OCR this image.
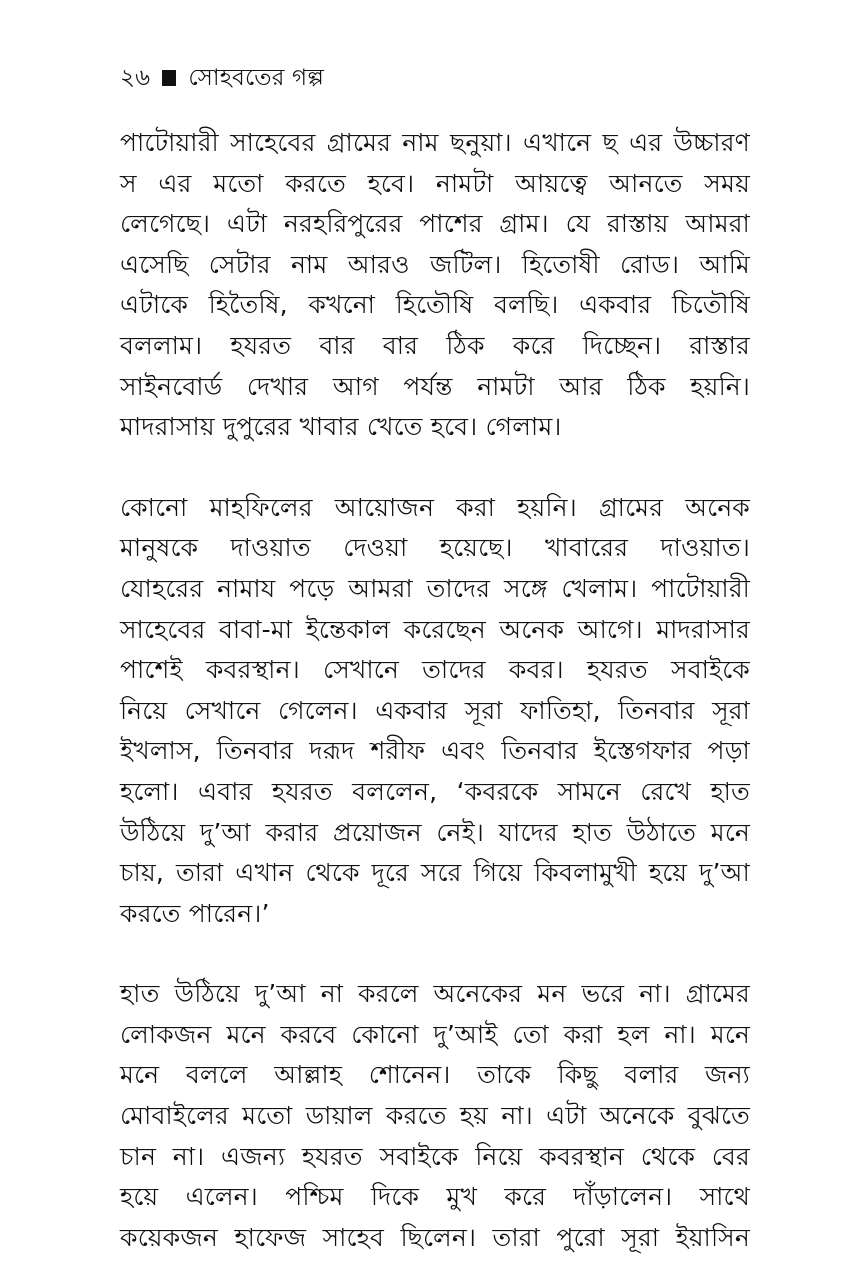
২৬ সোহবতের গল্প

পাটোয়ারী সাহেবের গ্রামের নাম ছনুয়া। এখানে ছ এর উচ্চারণ
স এর মতো করতে হবে। নামটা আয়ত্বে আনতে সময়
লেগেছে। এটা নরহরিপুরের পাশের গ্রাম। যে রাস্তায় আমরা
এসেছি সেটার নাম আরও জটিল। হিতোষী রোড। আমি
এটাকে হিতৈষি, কখনো হিতৌষি বলছি। একবার চিতৌষি
বললাম। হযরত বার বার ঠিক করে দিচ্ছেন। রাস্তার
সাইনবোর্ড দেখার আগ পর্যন্ত নামটা আর ঠিক হয়নি।
মাদরাসায় দুপুরের খাবার খেতে হবে। গেলাম।

কোনো মাহফিলের আয়োজন করা হয়নি। গ্রামের অনেক
মানুষকে দাওয়াত দেওয়া হয়েছে। খাবারের দাওয়াত।
যোহরের নামায পড়ে আমরা তাদের সঙ্গে খেলাম। পাটোয়ারী
সাহেবের বাবা-মা ইন্তেকাল করেছেন অনেক আগে। মাদরাসার
পাশেই কবরস্থান। সেখানে তাদের কবর। হযরত সবাইকে
নিয়ে সেখানে গেলেন। একবার সূরা ফাতিহা, তিনবার সূরা
ইখলাস, তিনবার দরূদ শরীফ এবং তিনবার ইস্তেগফার পড়া
হলো। এবার হযরত বললেন, ‘কবরকে সামনে রেখে হাত
উঠিয়ে দু’আ করার প্রয়োজন নেই। যাদের হাত উঠাতে মনে
চায়, তারা এখান থেকে দূরে সরে গিয়ে কিবলামুখী হয়ে দু’আ
করতে পারেন।’

হাত উঠিয়ে দু’আ না করলে অনেকের মন ভরে না। গ্রামের
লোকজন মনে করবে কোনো দু’আই তো করা হল না। মনে
মনে বললে আল্লাহ শোনেন। তাকে কিছু বলার জন্য
মোবাইলের মতো ডায়াল করতে হয় না। এটা অনেকে বুঝতে
চান না। এজন্য হযরত সবাইকে নিয়ে কবরস্থান থেকে বের
হয়ে এলেন। পশ্চিম দিকে মুখ করে দাঁড়ালেন। সাথে
কয়েকজন হাফেজ সাহেব ছিলেন। তারা পুরো সূরা ইয়াসিন
